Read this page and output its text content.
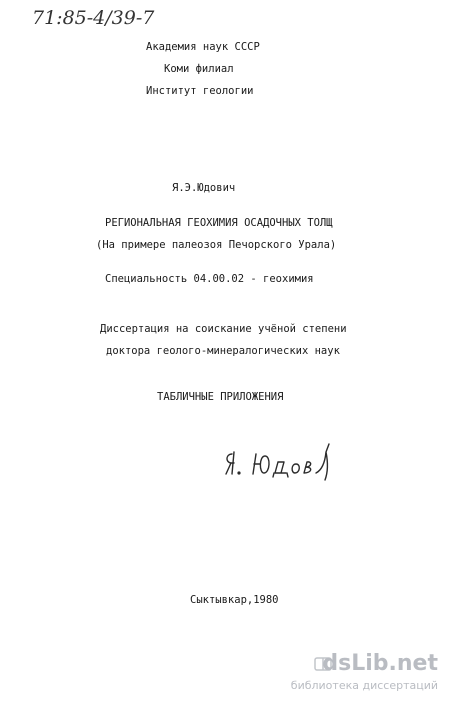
71:85-4/39-7
Академия наук СССР
Коми филиал
Институт геологии
Я.Э.Юдович
РЕГИОНАЛЬНАЯ ГЕОХИМИЯ ОСАДОЧНЫХ ТОЛЩ
(На примере палеозоя Печорского Урала)
Специальность 04.00.02 - геохимия
Диссертация на соискание учёной степени
доктора геолого-минералогических наук
ТАБЛИЧНЫЕ ПРИЛОЖЕНИЯ
Сыктывкар,1980
dsLib.net
библиотека диссертаций
